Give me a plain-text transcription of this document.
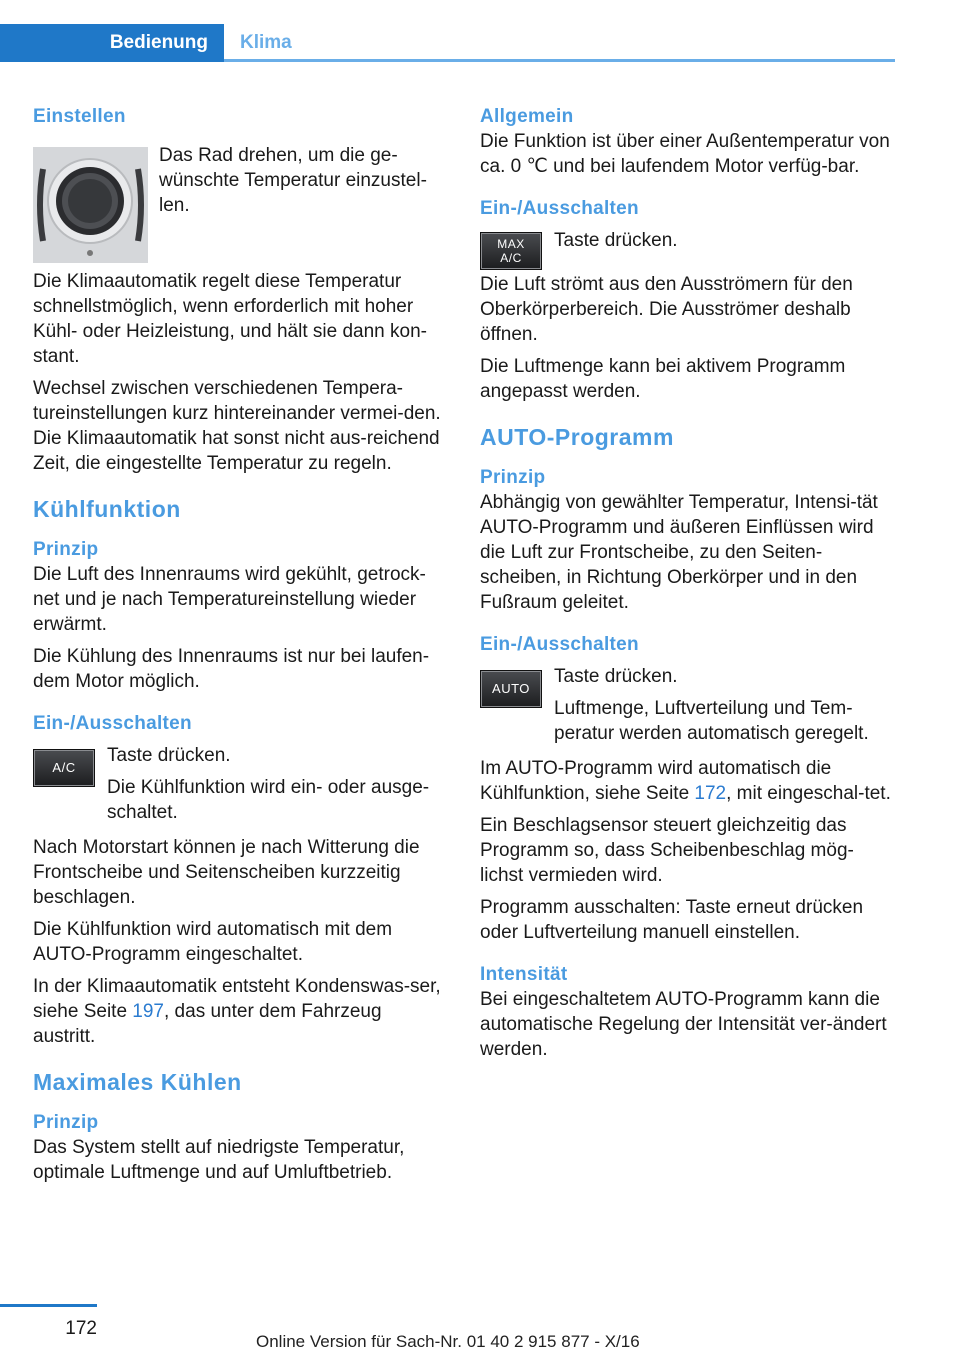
Bedienung Klima
Einstellen

Das Rad drehen, um die ge‐wünschte Temperatur einzustel‐len.

Die Klimaautomatik regelt diese Temperatur schnellstmöglich, wenn erforderlich mit hoher Kühl- oder Heizleistung, und hält sie dann kon‐stant.

Wechsel zwischen verschiedenen Tempera‐tureinstellungen kurz hintereinander vermei‐den. Die Klimaautomatik hat sonst nicht aus‐reichend Zeit, die eingestellte Temperatur zu regeln.

Kühlfunktion
Prinzip

Die Luft des Innenraums wird gekühlt, getrock‐net und je nach Temperatureinstellung wieder erwärmt.

Die Kühlung des Innenraums ist nur bei laufen‐dem Motor möglich.

Ein-/Ausschalten
A/C

Taste drücken.

Die Kühlfunktion wird ein- oder ausge‐schaltet.

Nach Motorstart können je nach Witterung die Frontscheibe und Seitenscheiben kurzzeitig beschlagen.

Die Kühlfunktion wird automatisch mit dem AUTO-Programm eingeschaltet.

In der Klimaautomatik entsteht Kondenswas‐ser, siehe Seite 197, das unter dem Fahrzeug austritt.

Maximales Kühlen
Prinzip

Das System stellt auf niedrigste Temperatur, optimale Luftmenge und auf Umluftbetrieb.

Allgemein

Die Funktion ist über einer Außentemperatur von ca. 0 ℃ und bei laufendem Motor verfüg‐bar.

Ein-/Ausschalten
MAX
A/C

Taste drücken.

Die Luft strömt aus den Ausströmern für den Oberkörperbereich. Die Ausströmer deshalb öffnen.

Die Luftmenge kann bei aktivem Programm angepasst werden.

AUTO-Programm
Prinzip

Abhängig von gewählter Temperatur, Intensi‐tät AUTO-Programm und äußeren Einflüssen wird die Luft zur Frontscheibe, zu den Seiten‐scheiben, in Richtung Oberkörper und in den Fußraum geleitet.

Ein-/Ausschalten
AUTO

Taste drücken.

Luftmenge, Luftverteilung und Tem‐peratur werden automatisch geregelt.

Im AUTO-Programm wird automatisch die Kühlfunktion, siehe Seite 172, mit eingeschal‐tet.

Ein Beschlagsensor steuert gleichzeitig das Programm so, dass Scheibenbeschlag mög‐lichst vermieden wird.

Programm ausschalten: Taste erneut drücken oder Luftverteilung manuell einstellen.

Intensität

Bei eingeschaltetem AUTO-Programm kann die automatische Regelung der Intensität ver‐ändert werden.

172
Online Version für Sach-Nr. 01 40 2 915 877 - X/16
